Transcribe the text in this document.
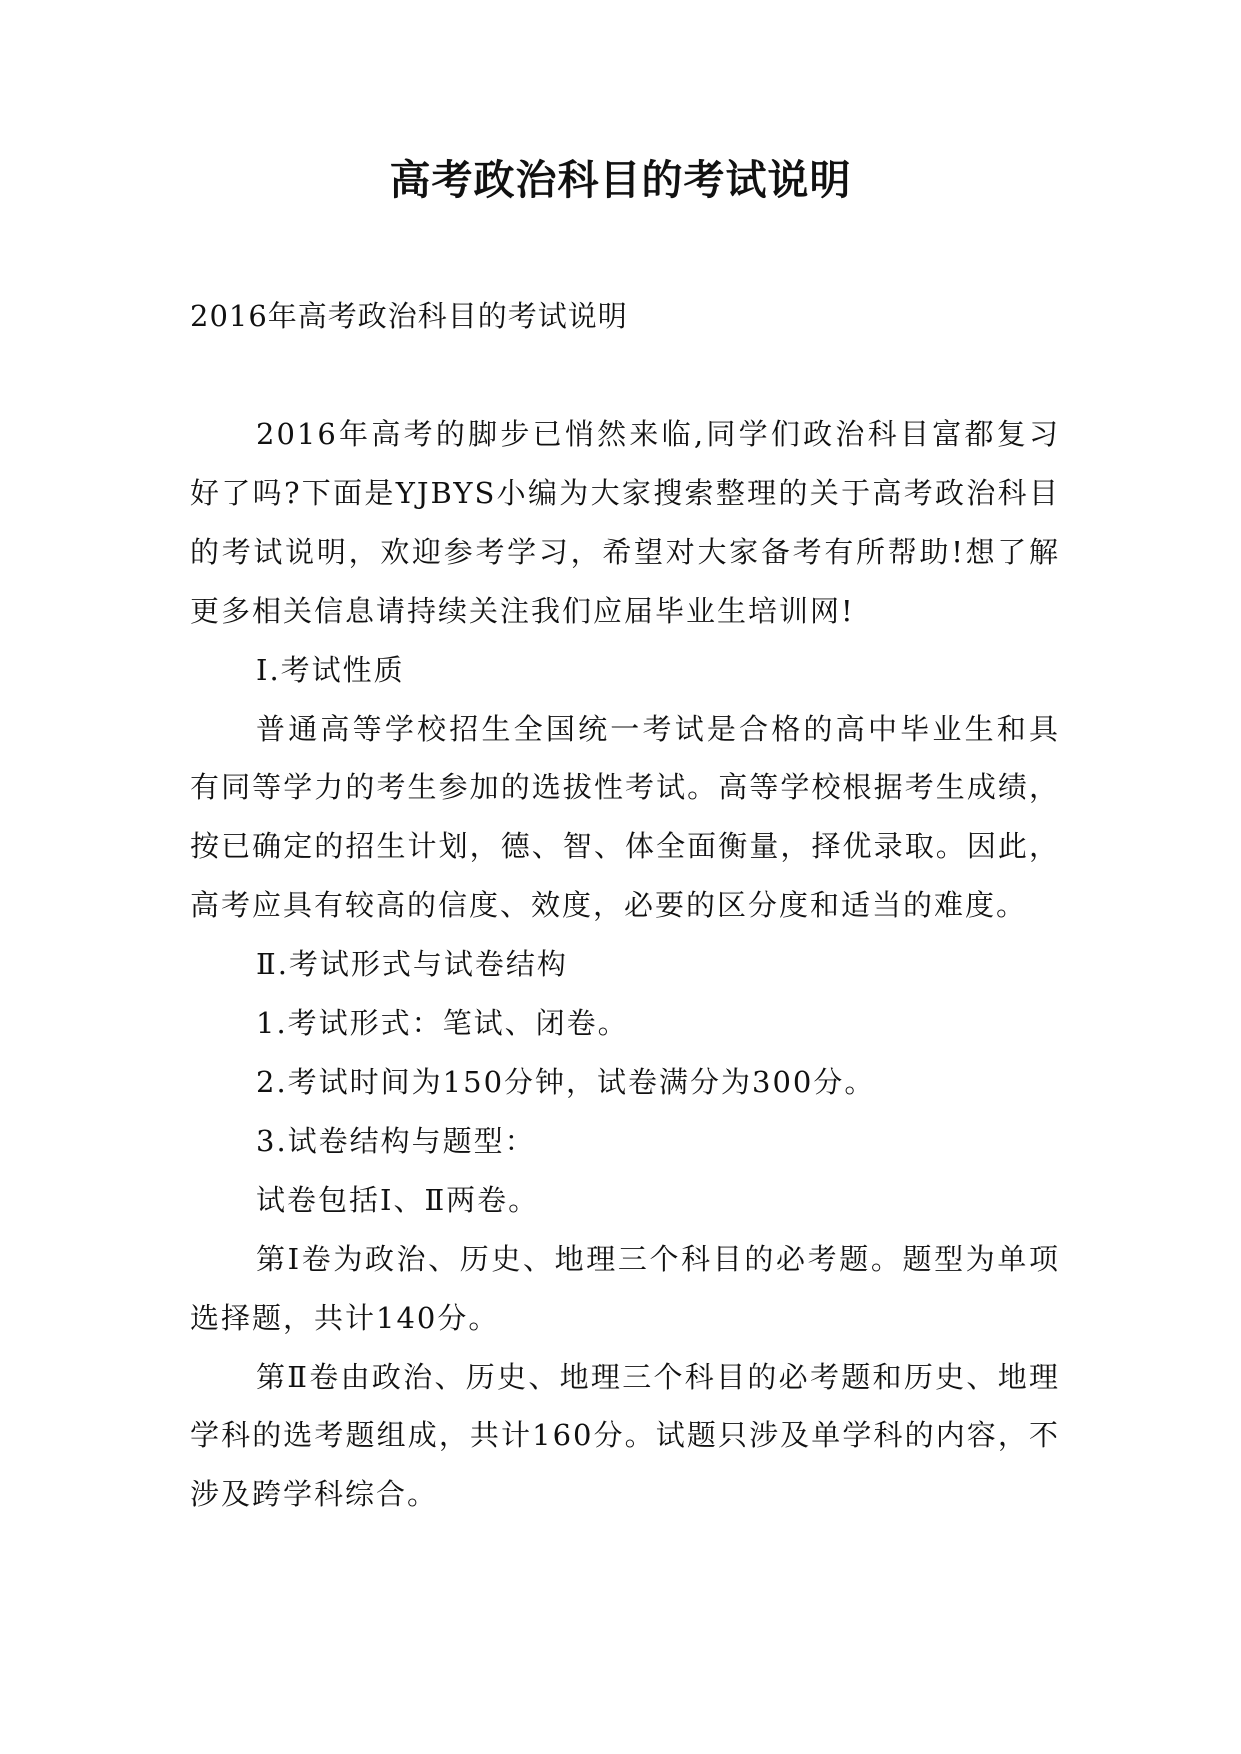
高考政治科目的考试说明
2016年高考政治科目的考试说明

2016年高考的脚步已悄然来临,同学们政治科目富都复习好了吗?下面是YJBYS小编为大家搜索整理的关于高考政治科目的考试说明，欢迎参考学习，希望对大家备考有所帮助!想了解更多相关信息请持续关注我们应届毕业生培训网!

Ⅰ.考试性质

普通高等学校招生全国统一考试是合格的高中毕业生和具有同等学力的考生参加的选拔性考试。高等学校根据考生成绩，按已确定的招生计划，德、智、体全面衡量，择优录取。因此，高考应具有较高的信度、效度，必要的区分度和适当的难度。

Ⅱ.考试形式与试卷结构

1.考试形式：笔试、闭卷。

2.考试时间为150分钟，试卷满分为300分。

3.试卷结构与题型：

试卷包括Ⅰ、Ⅱ两卷。

第Ⅰ卷为政治、历史、地理三个科目的必考题。题型为单项选择题，共计140分。

第Ⅱ卷由政治、历史、地理三个科目的必考题和历史、地理学科的选考题组成，共计160分。试题只涉及单学科的内容，不涉及跨学科综合。
